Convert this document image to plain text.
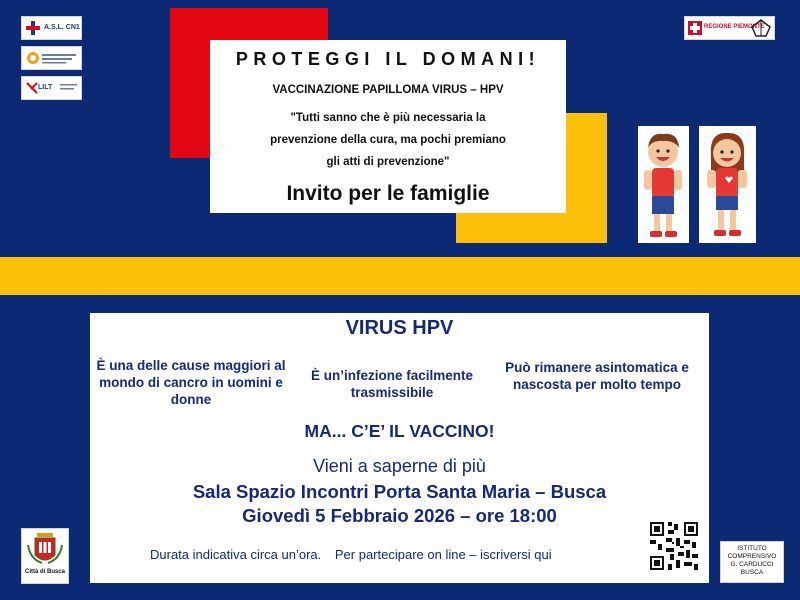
A.S.L. CN1
LILT
REGIONE PIEMONTE
PROTEGGI IL DOMANI!
VACCINAZIONE PAPILLOMA VIRUS – HPV
"Tutti sanno che è più necessaria la
prevenzione della cura, ma pochi premiano
gli atti di prevenzione"
Invito per le famiglie
VIRUS HPV
È una delle cause maggiori al mondo di cancro in uomini e donne
È un’infezione facilmente trasmissibile
Può rimanere asintomatica e nascosta per molto tempo
MA... C’E’ IL VACCINO!
Vieni a saperne di più
Sala Spazio Incontri Porta Santa Maria – Busca
Giovedì 5 Febbraio 2026 – ore 18:00
Durata indicativa circa un’ora. Per partecipare on line – iscriversi qui
Città di Busca
ISTITUTO
COMPRENSIVO
G. CARDUCCI
BUSCA
